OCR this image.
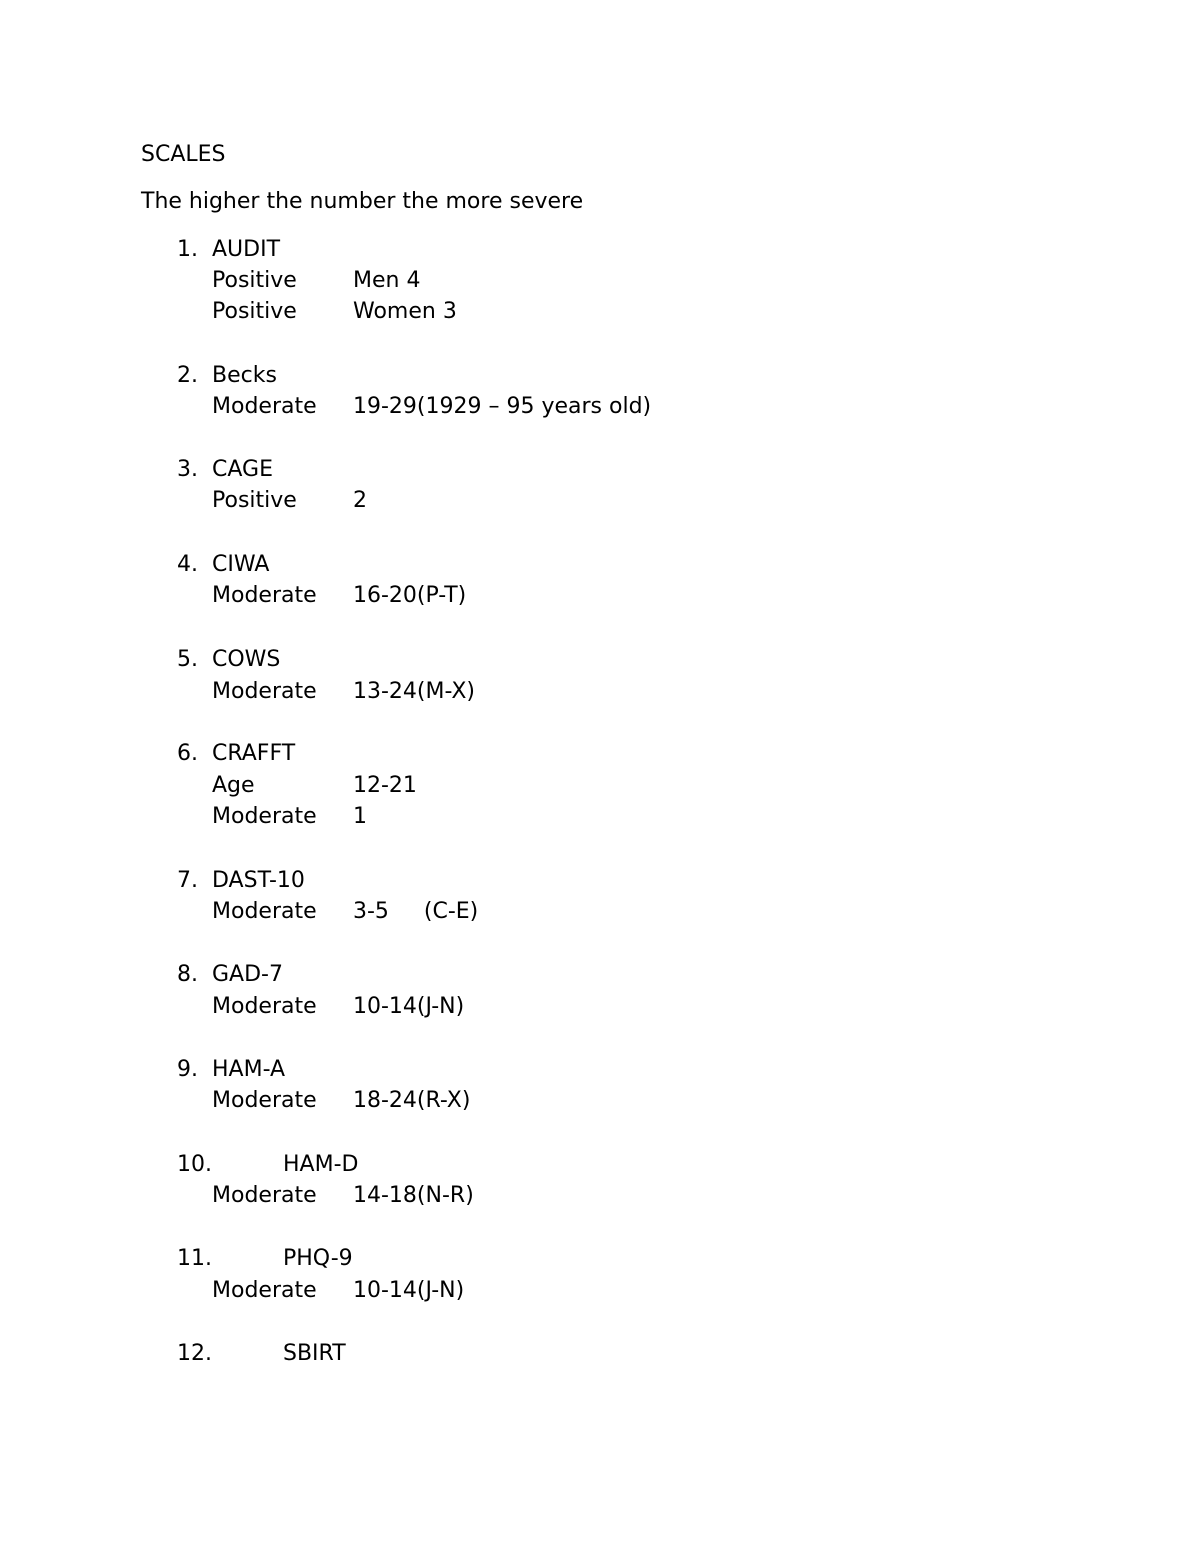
SCALES
The higher the number the more severe
1. AUDIT
Positive	Men 4
Positive	Women 3
2. Becks
Moderate 19-29(1929 – 95 years old)
3. CAGE
Positive	2
4. CIWA
Moderate 16-20(P-T)
5. COWS
Moderate 13-24(M-X)
6. CRAFFT
Age	12-21
Moderate 1
7. DAST-10
Moderate 3-5     (C-E)
8. GAD-7
Moderate 10-14(J-N)
9. HAM-A
Moderate 18-24(R-X)
10.	HAM-D
Moderate 14-18(N-R)
11.	PHQ-9
Moderate 10-14(J-N)
12.	SBIRT
